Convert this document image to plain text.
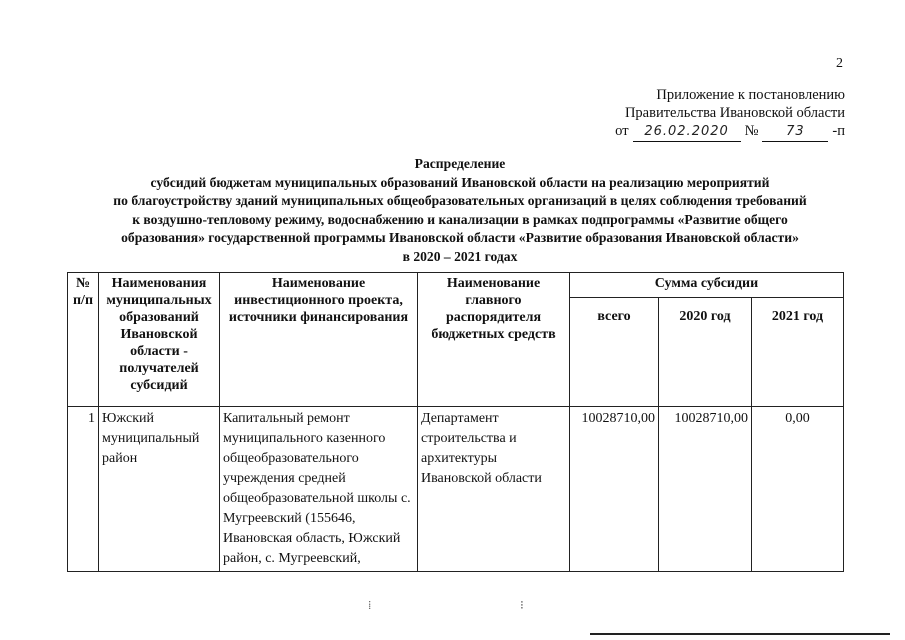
2
Приложение к постановлению
Правительства Ивановской области
от	26.02.2020	№	73	-п
Распределение
субсидий бюджетам муниципальных образований Ивановской области на реализацию мероприятий
по благоустройству зданий муниципальных общеобразовательных организаций в целях соблюдения требований
к воздушно-тепловому режиму, водоснабжению и канализации в рамках подпрограммы «Развитие общего
образования» государственной программы Ивановской области «Развитие образования Ивановской области»
в 2020 – 2021 годах
№ п/п	Наименования муниципальных образований Ивановской области - получателей субсидий	Наименование инвестиционного проекта, источники финансирования	Наименование главного распорядителя бюджетных средств	Сумма субсидии		
				всего	2020 год	2021 год
1	Южский муниципальный район	Капитальный ремонт муниципального казенного общеобразовательного учреждения средней общеобразовательной школы с. Мугреевский (155646, Ивановская область, Южский район, с. Мугреевский,	Департамент строительства и архитектуры Ивановской области	10028710,00	10028710,00	0,00
⁞	⁝
